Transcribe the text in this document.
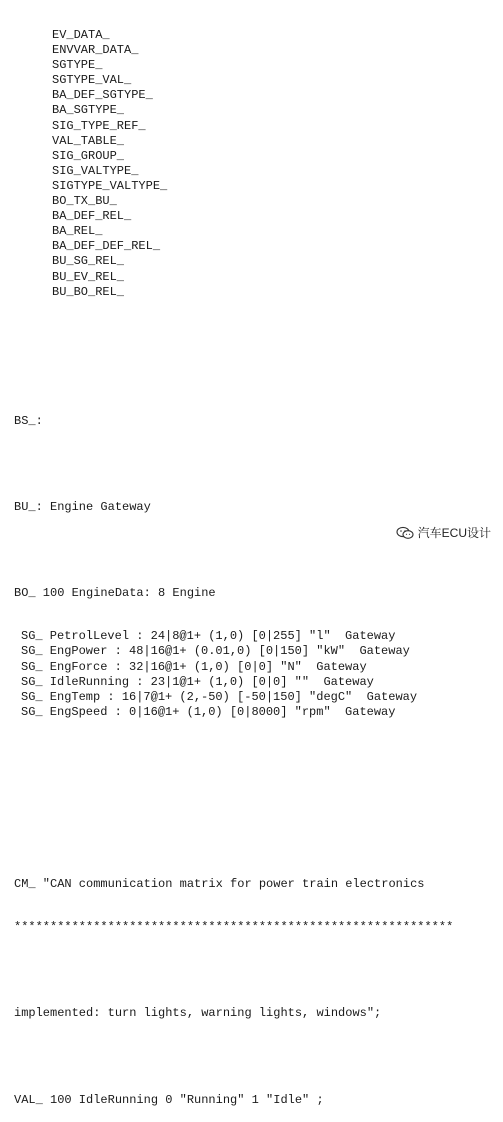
EV_DATA_
ENVVAR_DATA_
SGTYPE_
SGTYPE_VAL_
BA_DEF_SGTYPE_
BA_SGTYPE_
SIG_TYPE_REF_
VAL_TABLE_
SIG_GROUP_
SIG_VALTYPE_
SIGTYPE_VALTYPE_
BO_TX_BU_
BA_DEF_REL_
BA_REL_
BA_DEF_DEF_REL_
BU_SG_REL_
BU_EV_REL_
BU_BO_REL_

BS_:

BU_: Engine Gateway

BO_ 100 EngineData: 8 Engine

SG_ PetrolLevel : 24|8@1+ (1,0) [0|255] "l"  Gateway
SG_ EngPower : 48|16@1+ (0.01,0) [0|150] "kW"  Gateway
SG_ EngForce : 32|16@1+ (1,0) [0|0] "N"  Gateway
SG_ IdleRunning : 23|1@1+ (1,0) [0|0] ""  Gateway
SG_ EngTemp : 16|7@1+ (2,-50) [-50|150] "degC"  Gateway
SG_ EngSpeed : 0|16@1+ (1,0) [0|8000] "rpm"  Gateway

CM_ "CAN communication matrix for power train electronics

*************************************************************

implemented: turn lights, warning lights, windows";

VAL_ 100 IdleRunning 0 "Running" 1 "Idle" ;

汽车ECU设计
